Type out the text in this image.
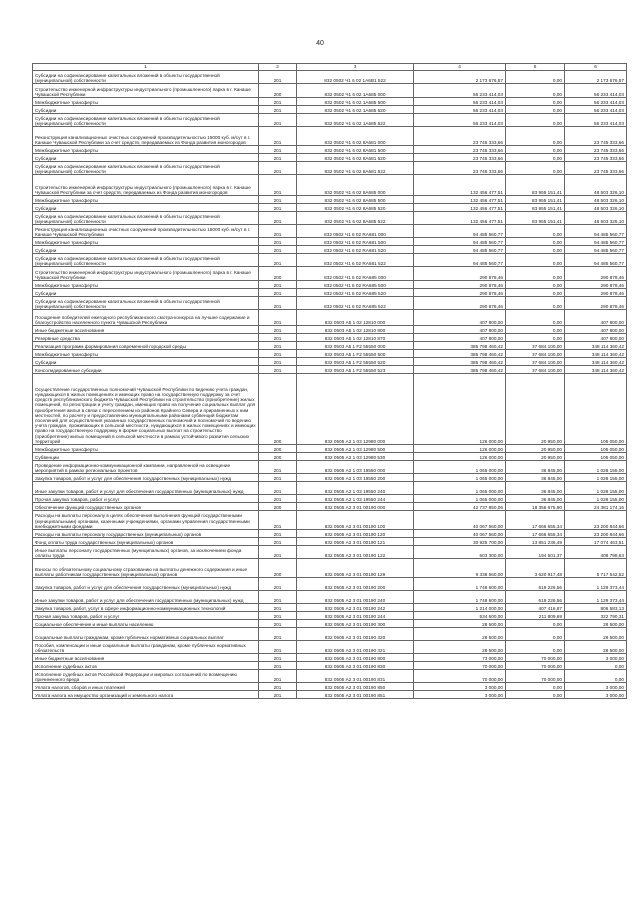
40
1	2	3	4	5	6
Субсидии на софинансирование капитальных вложений в объекты государственной (муниципальной) собственности	201	832 0502 Ч1 6 02 1А6В1 522	2 173 676,57	0,00	2 173 676,57
Строительство инженерной инфраструктуры индустриального (промышленного) парка в г. Канаше Чувашской Республики	200	832 0502 Ч1 6 02 1А685 000	56 233 414,03	0,00	56 233 414,03
Межбюджетные трансферты	201	832 0502 Ч1 6 02 1А685 500	56 233 414,03	0,00	56 233 414,03
Субсидии	201	832 0502 Ч1 6 02 1А685 520	56 233 414,03	0,00	56 233 414,03
Субсидии на софинансирование капитальных вложений в объекты государственной (муниципальной) собственности	201	832 0502 Ч1 6 02 1А685 522	56 233 414,03	0,00	56 233 414,03
Реконструкция канализационных очистных сооружений производительностью 15000 куб. м/сут в г. Канаше Чувашской Республики за счет средств, передаваемых из Фонда развития моногородов	201	832 0502 Ч1 6 02 8А681 000	23 745 333,66	0,00	23 745 333,66
Межбюджетные трансферты	201	832 0502 Ч1 6 02 8А681 500	23 745 333,66	0,00	23 745 333,66
Субсидии	201	832 0502 Ч1 6 02 8А681 520	23 745 333,66	0,00	23 745 333,66
Субсидии на софинансирование капитальных вложений в объекты государственной (муниципальной) собственности	201	832 0502 Ч1 6 02 8А681 522	23 745 333,66	0,00	23 745 333,66
Строительство инженерной инфраструктуры индустриального (промышленного) парка в г. Канаше Чувашской Республики за счет средств, передаваемых из Фонда развития моногородов	201	832 0502 Ч1 6 02 8А685 000	132 456 477,51	83 955 151,41	48 503 326,10
Межбюджетные трансферты	201	832 0502 Ч1 6 02 8А685 500	132 456 477,51	83 955 151,41	48 503 326,10
Субсидии	201	832 0502 Ч1 6 02 8А685 520	132 456 477,51	83 955 151,41	48 503 326,10
Субсидии на софинансирование капитальных вложений в объекты государственной (муниципальной) собственности	201	832 0502 Ч1 6 02 8А685 522	132 456 477,51	83 955 151,41	48 503 326,10
Реконструкция канализационных очистных сооружений производительностью 15000 куб. м/сут в г. Канаше Чувашской Республики	201	832 0502 Ч1 6 02 RА681 000	94 485 560,77	0,00	94 485 560,77
Межбюджетные трансферты	201	832 0502 Ч1 6 02 RА681 500	94 485 560,77	0,00	94 485 560,77
Субсидии	201	832 0502 Ч1 6 02 RА681 520	94 485 560,77	0,00	94 485 560,77
Субсидии на софинансирование капитальных вложений в объекты государственной (муниципальной) собственности	201	832 0502 Ч1 6 02 RА681 522	94 485 560,77	0,00	94 485 560,77
Строительство инженерной инфраструктуры индустриального (промышленного) парка в г. Канаше Чувашской Республики	200	832 0502 Ч1 6 02 RА685 000	290 878,46	0,00	290 878,46
Межбюджетные трансферты	201	832 0502 Ч1 6 02 RА685 500	290 878,46	0,00	290 878,46
Субсидии	201	832 0502 Ч1 6 02 RА685 520	290 878,46	0,00	290 878,46
Субсидии на софинансирование капитальных вложений в объекты государственной (муниципальной) собственности	201	832 0502 Ч1 6 02 RА685 522	290 878,46	0,00	290 878,46
Поощрение победителей ежегодного республиканского смотра-конкурса на лучшее содержание и благоустройство населенного пункта Чувашской Республики	201	832 0503 А5 1 02 12810 000	407 800,00	0,00	407 800,00
Иные бюджетные ассигнования	201	832 0503 А5 1 02 12810 800	407 800,00	0,00	407 800,00
Резервные средства	201	832 0503 А5 1 02 12810 870	407 800,00	0,00	407 800,00
Реализация программ формирования современной городской среды	201	832 0503 А5 1 F2 55550 000	385 798 460,42	37 684 100,00	348 114 360,42
Межбюджетные трансферты	201	832 0503 А5 1 F2 55550 500	385 798 460,42	37 684 100,00	348 114 360,42
Субсидии	201	832 0503 А5 1 F2 55550 520	385 798 460,42	37 684 100,00	348 114 360,42
Консолидированные субсидии	201	832 0503 А5 1 F2 55550 523	385 798 460,42	37 684 100,00	348 114 360,42
Осуществление государственных полномочий Чувашской Республики по ведению учета граждан, нуждающихся в жилых помещениях и имеющих право на государственную поддержку за счет средств республиканского бюджета Чувашской Республики на строительство (приобретение) жилых помещений, по регистрации и учету граждан, имеющих право на получение социальных выплат для приобретения жилья в связи с переселением из районов Крайнего Севера и приравненных к ним местностей, по расчету и предоставлению муниципальными районами субвенций бюджетам поселений для осуществления указанных государственных полномочий и полномочий по ведению учета граждан, проживающих в сельской местности, нуждающихся в жилых помещениях и имеющих право на государственную поддержку в форме социальных выплат на строительство (приобретение) жилых помещений в сельской местности в рамках устойчивого развития сельских территорий	200	832 0505 А2 1 03 12980 000	126 000,00	20 950,00	105 050,00
Межбюджетные трансферты	200	832 0505 А2 1 03 12980 500	126 000,00	20 950,00	105 050,00
Субвенции	200	832 0505 А2 1 03 12980 530	126 000,00	20 950,00	105 050,00
Проведение информационно-коммуникационной кампании, направленной на освещение мероприятий в рамках региональных проектов	201	832 0505 А2 1 03 19550 000	1 065 000,00	36 845,00	1 028 155,00
Закупка товаров, работ и услуг для обеспечения государственных (муниципальных) нужд	201	832 0505 А2 1 03 19550 200	1 065 000,00	36 845,00	1 028 155,00
Иные закупки товаров, работ и услуг для обеспечения государственных (муниципальных) нужд	201	832 0505 А2 1 03 19550 240	1 065 000,00	36 845,00	1 028 155,00
Прочая закупка товаров, работ и услуг	201	832 0505 А2 1 03 19550 244	1 065 000,00	36 845,00	1 028 155,00
Обеспечение функций государственных органов	200	832 0505 А2 3 01 00190 000	42 737 850,06	18 356 675,90	24 381 174,16
Расходы на выплаты персоналу в целях обеспечения выполнения функций государственными (муниципальными) органами, казенными учреждениями, органами управления государственными внебюджетными фондами	201	832 0505 А2 3 01 00190 100	40 067 560,00	17 666 655,34	23 200 844,66
Расходы на выплаты персоналу государственных (муниципальных) органов	201	832 0505 А2 3 01 00190 120	40 067 560,00	17 666 655,34	23 200 844,66
Фонд оплаты труда государственных (муниципальных) органов	201	832 0505 А2 3 01 00190 121	30 925 700,00	13 851 236,49	17 074 463,51
Иные выплаты персоналу государственных (муниципальных) органов, за исключением фонда оплаты труда	201	832 0505 А2 3 01 00190 122	603 300,00	194 501,37	408 798,63
Взносы по обязательному социальному страхованию на выплаты денежного содержания и иные выплаты работникам государственных (муниципальных) органов	200	832 0505 А2 3 01 00190 129	9 338 560,00	3 620 917,48	5 717 642,52
Закупка товаров, работ и услуг для обеспечения государственных (муниципальных) нужд	201	832 0505 А2 3 01 00190 200	1 748 600,00	619 226,56	1 129 373,44
Иные закупки товаров, работ и услуг для обеспечения государственных (муниципальных) нужд	201	832 0505 А2 3 01 00190 240	1 748 600,00	619 226,56	1 129 373,44
Закупка товаров, работ, услуг в сфере информационно-коммуникационных технологий	201	832 0505 А2 3 01 00190 242	1 214 000,00	407 416,87	806 583,13
Прочая закупка товаров, работ и услуг	201	832 0505 А2 3 01 00190 244	534 600,00	211 809,69	322 790,31
Социальное обеспечение и иные выплаты населению	201	832 0505 А2 3 01 00190 300	28 500,00	0,00	28 500,00
Социальные выплаты гражданам, кроме публичных нормативных социальных выплат	201	832 0505 А2 3 01 00190 320	28 500,00	0,00	28 500,00
Пособия, компенсации и иные социальные выплаты гражданам, кроме публичных нормативных обязательств	201	832 0505 А2 3 01 00190 321	28 500,00	0,00	28 500,00
Иные бюджетные ассигнования	201	832 0505 А2 3 01 00190 800	73 000,00	70 000,00	3 000,00
Исполнение судебных актов	201	832 0505 А2 3 01 00190 830	70 000,00	70 000,00	0,00
Исполнение судебных актов Российской Федерации и мировых соглашений по возмещению причиненного вреда	201	832 0505 А2 3 01 00190 831	70 000,00	70 000,00	0,00
Уплата налогов, сборов и иных платежей	201	832 0505 А2 3 01 00190 850	3 000,00	0,00	3 000,00
Уплата налога на имущество организаций и земельного налога	201	832 0505 А2 3 01 00190 851	3 000,00	0,00	3 000,00
